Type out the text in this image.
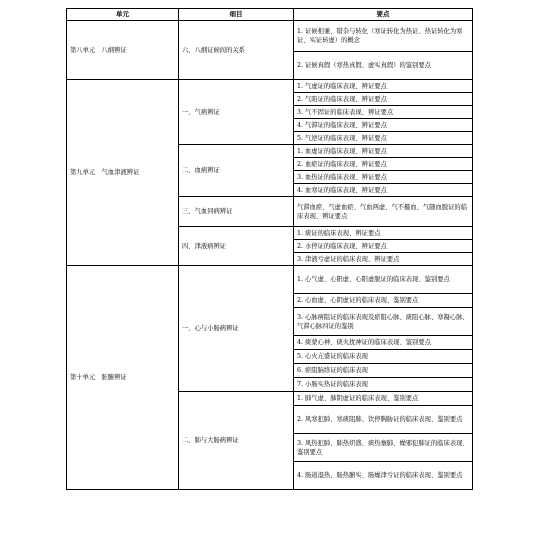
单元	细目	要点
第八单元　八纲辨证	六、八纲证候间的关系	1. 证候相兼、错杂与转化（寒证转化为热证、热证转化为寒证、实证转虚）的概念
		2. 证候真假（寒热真假、虚实真假）的鉴别要点
第九单元　气血津液辨证	一、气病辨证	1. 气虚证的临床表现、辨证要点
		2. 气陷证的临床表现、辨证要点
		3. 气不固证的临床表现、辨证要点
		4. 气滞证的临床表现、辨证要点
		5. 气逆证的临床表现、辨证要点
	二、血病辨证	1. 血虚证的临床表现、辨证要点
		2. 血瘀证的临床表现、辨证要点
		3. 血热证的临床表现、辨证要点
		4. 血寒证的临床表现、辨证要点
	三、气血同病辨证	气滞血瘀、气虚血瘀、气血两虚、气不摄血、气随血脱证的临床表现、辨证要点
	四、津液病辨证	1. 痰证的临床表现、辨证要点
		2. 水停证的临床表现、辨证要点
		3. 津液亏虚证的临床表现、辨证要点
第十单元　脏腑辨证	一、心与小肠病辨证	1. 心气虚、心阳虚、心阳虚脱证的临床表现、鉴别要点
		2. 心血虚、心阴虚证的临床表现、鉴别要点
		3. 心脉痹阻证的临床表现及瘀阻心脉、痰阻心脉、寒凝心脉、气滞心脉四证的鉴别
		4. 痰蒙心神、痰火扰神证的临床表现、鉴别要点
		5. 心火亢盛证的临床表现
		6. 瘀阻脑络证的临床表现
		7. 小肠实热证的临床表现
	二、肺与大肠病辨证	1. 肺气虚、肺阴虚证的临床表现、鉴别要点
		2. 风寒犯肺、寒痰阻肺、饮停胸胁证的临床表现、鉴别要点
		3. 风热犯肺、肺热炽盛、痰热壅肺、燥邪犯肺证的临床表现、鉴别要点
		4. 肠道湿热、肠热腑实、肠燥津亏证的临床表现、鉴别要点
